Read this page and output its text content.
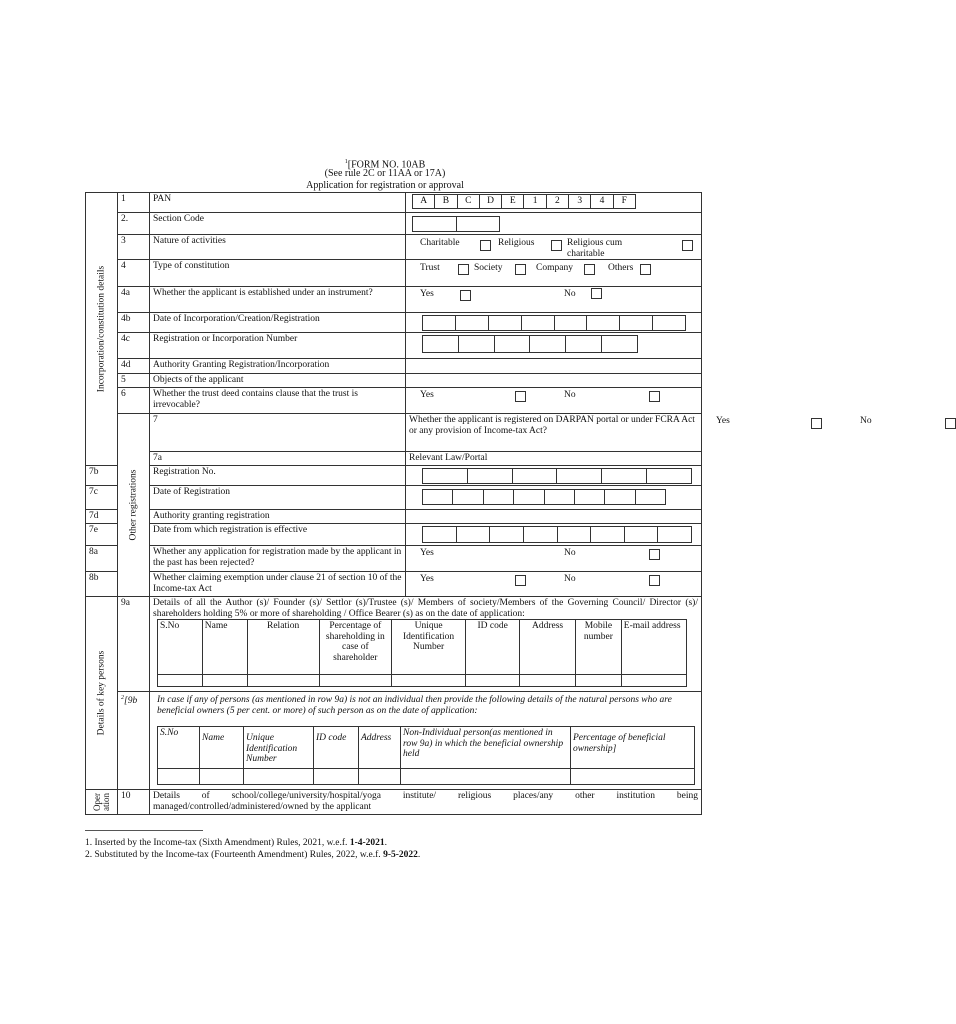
$^1$[FORM NO. 10AB
(See rule 2C or 11AA or 17A)
Application for registration or approval
Incorporation/constitution details
	1	PAN	A	B	C	D	E	1	2	3	4	F

2.	Section Code	

3	Nature of activities	Charitable	Religious	Religious cum charitable

4	Type of constitution	Trust	Society	Company	Others

4a	Whether the applicant is established under an instrument?	Yes	No

4b	Date of Incorporation/Creation/Registration	

4c	Registration or Incorporation Number	

4d	Authority Granting Registration/Incorporation	
5	Objects of the applicant	
6	Whether the trust deed contains clause that the trust is irrevocable?	
Yes	No

Other registrations
	7	Whether the applicant is registered on DARPAN portal or under FCRA Act or any provision of Income-tax Act?	
Yes	No

7a	Relevant Law/Portal	
7b	Registration No.	

7c	Date of Registration	

7d	Authority granting registration	
7e	Date from which registration is effective	

8a	Whether any application for registration made by the applicant in the past has been rejected?	
Yes	No

8b	Whether claiming exemption under clause 21 of section 10 of the Income-tax Act	
Yes	No

Details of key persons
	9a	Details of all the Author (s)/ Founder (s)/ Settlor (s)/Trustee (s)/ Members of society/Members of the Governing Council/ Director (s)/ shareholders holding 5% or more of shareholding / Office Bearer (s) as on the date of application:
S.No	Name	Relation	Percentage of shareholding in case of shareholder	Unique Identification Number	ID code	Address	Mobile number	E-mail address

$^2$[9b	In case if any of persons (as mentioned in row 9a) is not an individual then provide the following details of the natural persons who are beneficial owners (5 per cent. or more) of such person as on the date of application:
S.No	Name	Unique Identification Number	ID code	Address	Non-Individual person(as mentioned in row 9a) in which the beneficial ownership held	Percentage of beneficial ownership]

Oper ation	10	Details of school/college/university/hospital/yoga institute/ religious places/any other institution being
managed/controlled/administered/owned by the applicant
1. Inserted by the Income-tax (Sixth Amendment) Rules, 2021, w.e.f. 1-4-2021.
2. Substituted by the Income-tax (Fourteenth Amendment) Rules, 2022, w.e.f. 9-5-2022.
